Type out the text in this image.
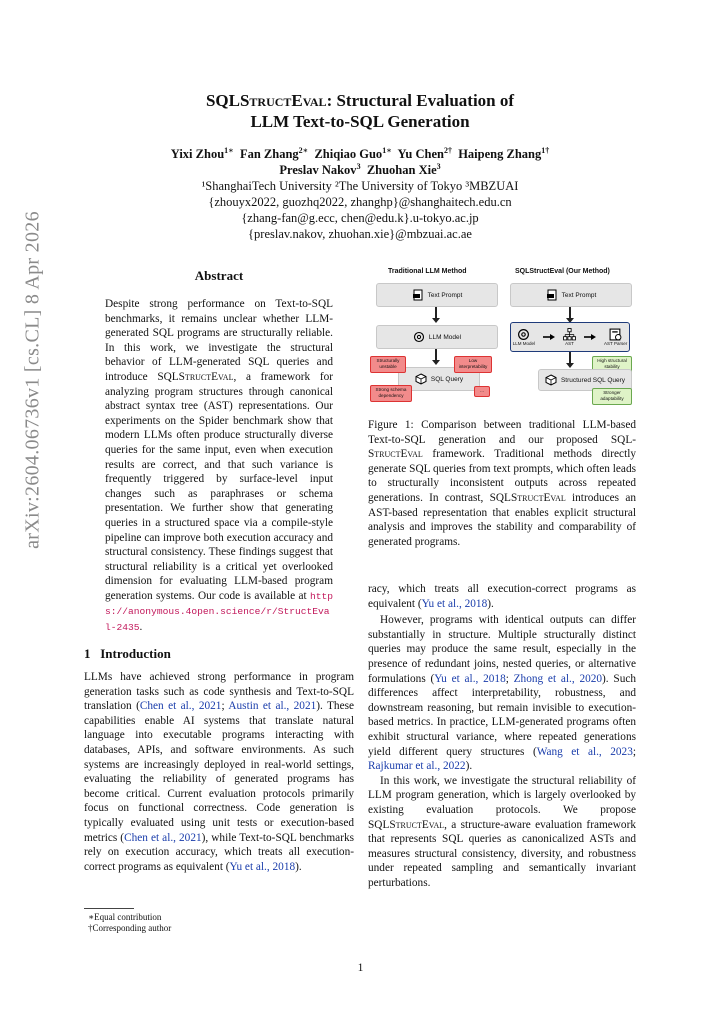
arXiv:2604.06736v1 [cs.CL] 8 Apr 2026
SQLStructEval: Structural Evaluation of
LLM Text-to-SQL Generation
Yixi Zhou$^{1∗}$ Fan Zhang$^{2∗}$ Zhiqiao Guo$^{1∗}$ Yu Chen$^{2\dagger}$ Haipeng Zhang$^{1\dagger}$
Preslav Nakov$^3$ Zhuohan Xie$^3$
¹ShanghaiTech University ²The University of Tokyo ³MBZUAI
{zhouyx2022, guozhq2022, zhanghp}@shanghaitech.edu.cn
{zhang-fan@g.ecc, chen@edu.k}.u-tokyo.ac.jp
{preslav.nakov, zhuohan.xie}@mbzuai.ac.ae
Abstract

Despite strong performance on Text-to-SQL benchmarks, it remains unclear whether LLM-generated SQL programs are structurally reliable. In this work, we investigate the structural behavior of LLM-generated SQL queries and introduce SQLStructEval, a framework for analyzing program structures through canonical abstract syntax tree (AST) representations. Our experiments on the Spider benchmark show that modern LLMs often produce structurally diverse queries for the same input, even when execution results are correct, and that such variance is frequently triggered by surface-level input changes such as paraphrases or schema presentation. We further show that generating queries in a structured space via a compile-style pipeline can improve both execution accuracy and structural consistency. These findings suggest that structural reliability is a critical yet overlooked dimension for evaluating LLM-based program generation systems. Our code is available at https://anonymous.4open.science/r/StructEval-2435.

1 Introduction

LLMs have achieved strong performance in program generation tasks such as code synthesis and Text-to-SQL translation (Chen et al., 2021; Austin et al., 2021). These capabilities enable AI systems that translate natural language into executable programs interacting with databases, APIs, and software environments. As such systems are increasingly deployed in real-world settings, evaluating the reliability of generated programs has become critical. Current evaluation protocols primarily focus on functional correctness. Code generation is typically evaluated using unit tests or execution-based metrics (Chen et al., 2021), while Text-to-SQL benchmarks rely on execution accuracy, which treats all execution-correct programs as equivalent (Yu et al., 2018).

∗Equal contribution
†Corresponding author
Traditional LLM Method	SQLStructEval (Our Method)
Text Prompt
LLM Model
SQL Query
Structurally unstable
Low interpretability
Strong schema dependency
...
Text Prompt
LLM Model	AST	AST Parser
High structural stability
Structured SQL Query
Stronger adaptability
Figure 1: Comparison between traditional LLM-based Text-to-SQL generation and our proposed SQL-StructEval framework. Traditional methods directly generate SQL queries from text prompts, which often leads to structurally inconsistent outputs across repeated generations. In contrast, SQLStructEval introduces an AST-based representation that enables explicit structural analysis and improves the stability and comparability of generated programs.

racy, which treats all execution-correct programs as equivalent (Yu et al., 2018).

However, programs with identical outputs can differ substantially in structure. Multiple structurally distinct queries may produce the same result, especially in the presence of redundant joins, nested queries, or alternative formulations (Yu et al., 2018; Zhong et al., 2020). Such differences affect interpretability, robustness, and downstream reasoning, but remain invisible to execution-based metrics. In practice, LLM-generated programs often exhibit structural variance, where repeated generations yield different query structures (Wang et al., 2023; Rajkumar et al., 2022).

In this work, we investigate the structural reliability of LLM program generation, which is largely overlooked by existing evaluation protocols. We propose SQLStructEval, a structure-aware evaluation framework that represents SQL queries as canonicalized ASTs and measures structural consistency, diversity, and robustness under repeated sampling and semantically invariant perturbations.

1
